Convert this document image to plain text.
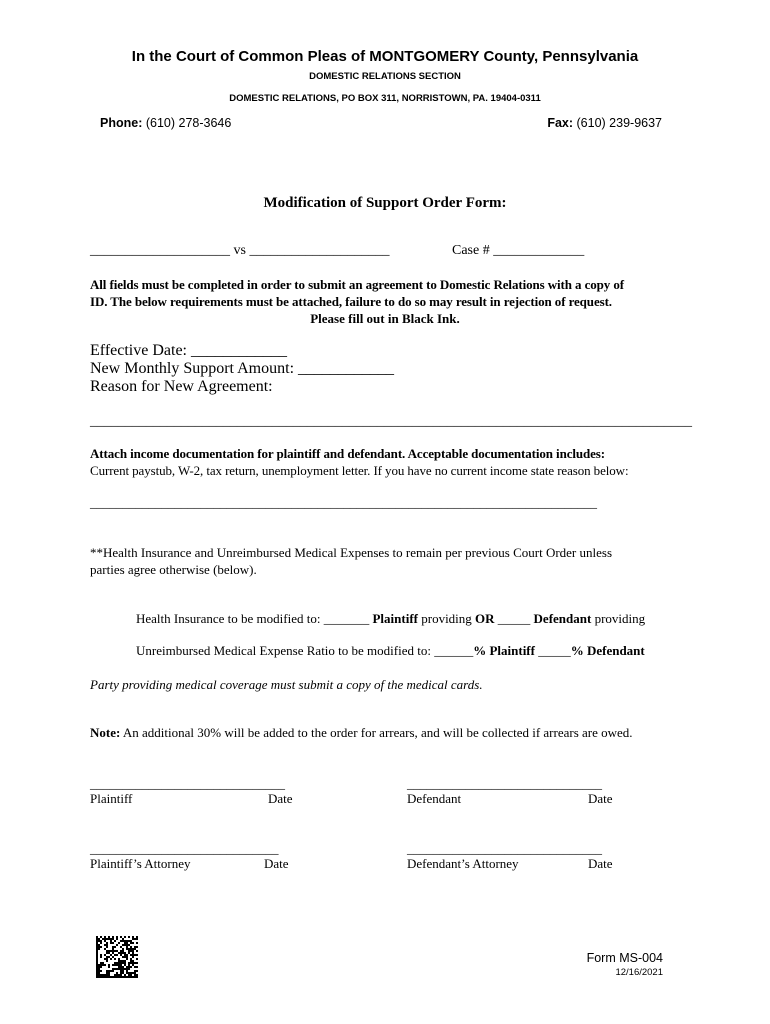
In the Court of Common Pleas of MONTGOMERY County, Pennsylvania
DOMESTIC RELATIONS SECTION
DOMESTIC RELATIONS, PO BOX 311, NORRISTOWN, PA. 19404-0311
Phone: (610) 278-3646	Fax: (610) 239-9637
Modification of Support Order Form:
____________________ vs ____________________	Case # _____________
All fields must be completed in order to submit an agreement to Domestic Relations with a copy of
ID. The below requirements must be attached, failure to do so may result in rejection of request.
Please fill out in Black Ink.
Effective Date: ____________
New Monthly Support Amount: ____________
Reason for New Agreement:
______________________________________________________________________________________
Attach income documentation for plaintiff and defendant. Acceptable documentation includes:
Current paystub, W-2, tax return, unemployment letter. If you have no current income state reason below:
______________________________________________________________________________
**Health Insurance and Unreimbursed Medical Expenses to remain per previous Court Order unless
parties agree otherwise (below).
Health Insurance to be modified to: _______ Plaintiff providing OR _____ Defendant providing
Unreimbursed Medical Expense Ratio to be modified to: ______% Plaintiff _____% Defendant
Party providing medical coverage must submit a copy of the medical cards.
Note: An additional 30% will be added to the order for arrears, and will be collected if arrears are owed.
______________________________
Plaintiff	Date
______________________________
Defendant	Date
_____________________________
Plaintiff’s Attorney	Date
______________________________
Defendant’s Attorney	Date
Form MS-004
12/16/2021
